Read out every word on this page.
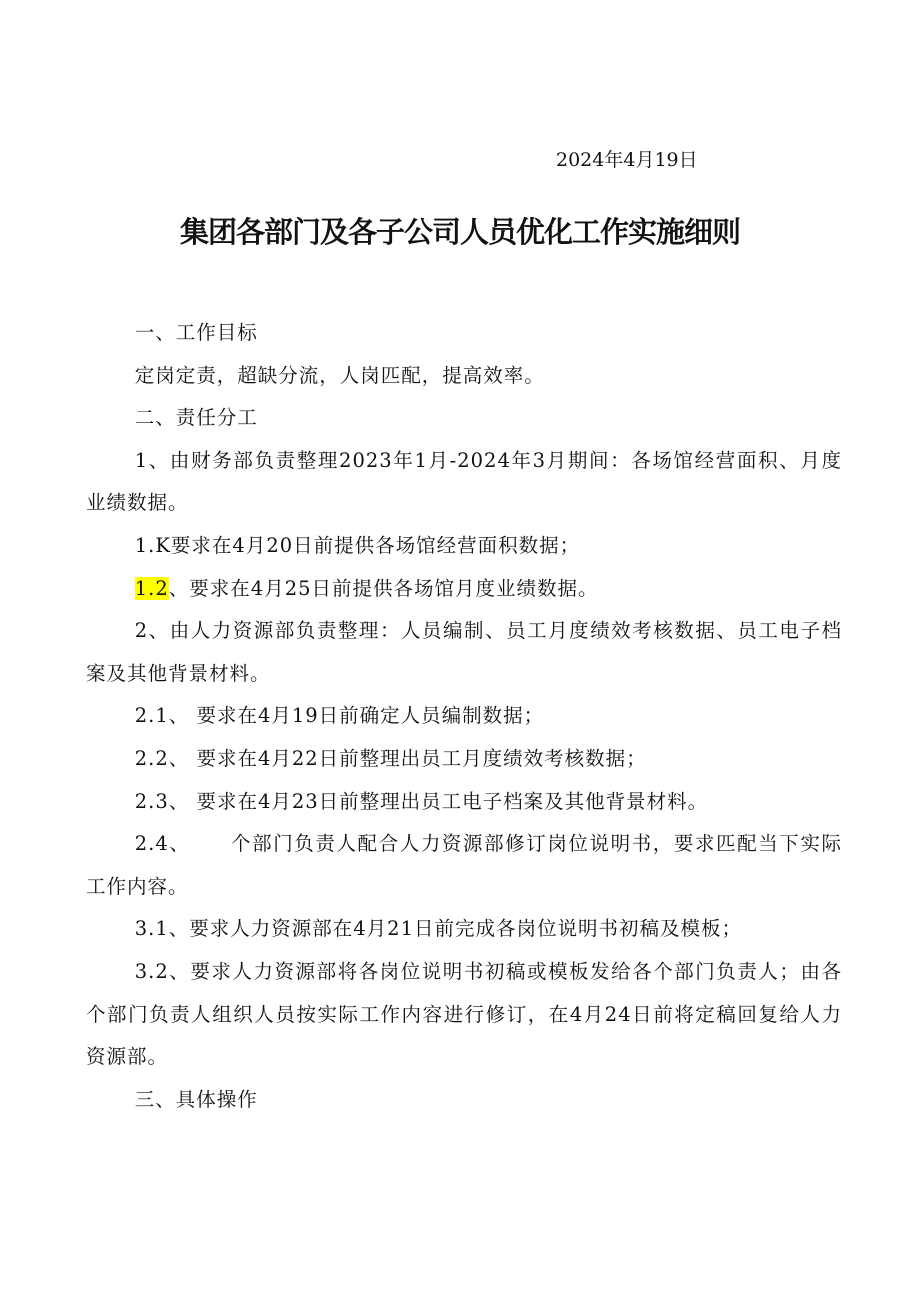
2024年4月19日
集团各部门及各子公司人员优化工作实施细则

一、工作目标

定岗定责，超缺分流，人岗匹配，提高效率。

二、责任分工

1、由财务部负责整理2023年1月-2024年3月期间：各场馆经营面积、月度业绩数据。

1.K要求在4月20日前提供各场馆经营面积数据；

1.2、要求在4月25日前提供各场馆月度业绩数据。

2、由人力资源部负责整理：人员编制、员工月度绩效考核数据、员工电子档案及其他背景材料。

2.1、 要求在4月19日前确定人员编制数据；

2.2、 要求在4月22日前整理出员工月度绩效考核数据；

2.3、 要求在4月23日前整理出员工电子档案及其他背景材料。

2.4、 个部门负责人配合人力资源部修订岗位说明书，要求匹配当下实际工作内容。

3.1、要求人力资源部在4月21日前完成各岗位说明书初稿及模板；

3.2、要求人力资源部将各岗位说明书初稿或模板发给各个部门负责人；由各个部门负责人组织人员按实际工作内容进行修订，在4月24日前将定稿回复给人力资源部。

三、具体操作
